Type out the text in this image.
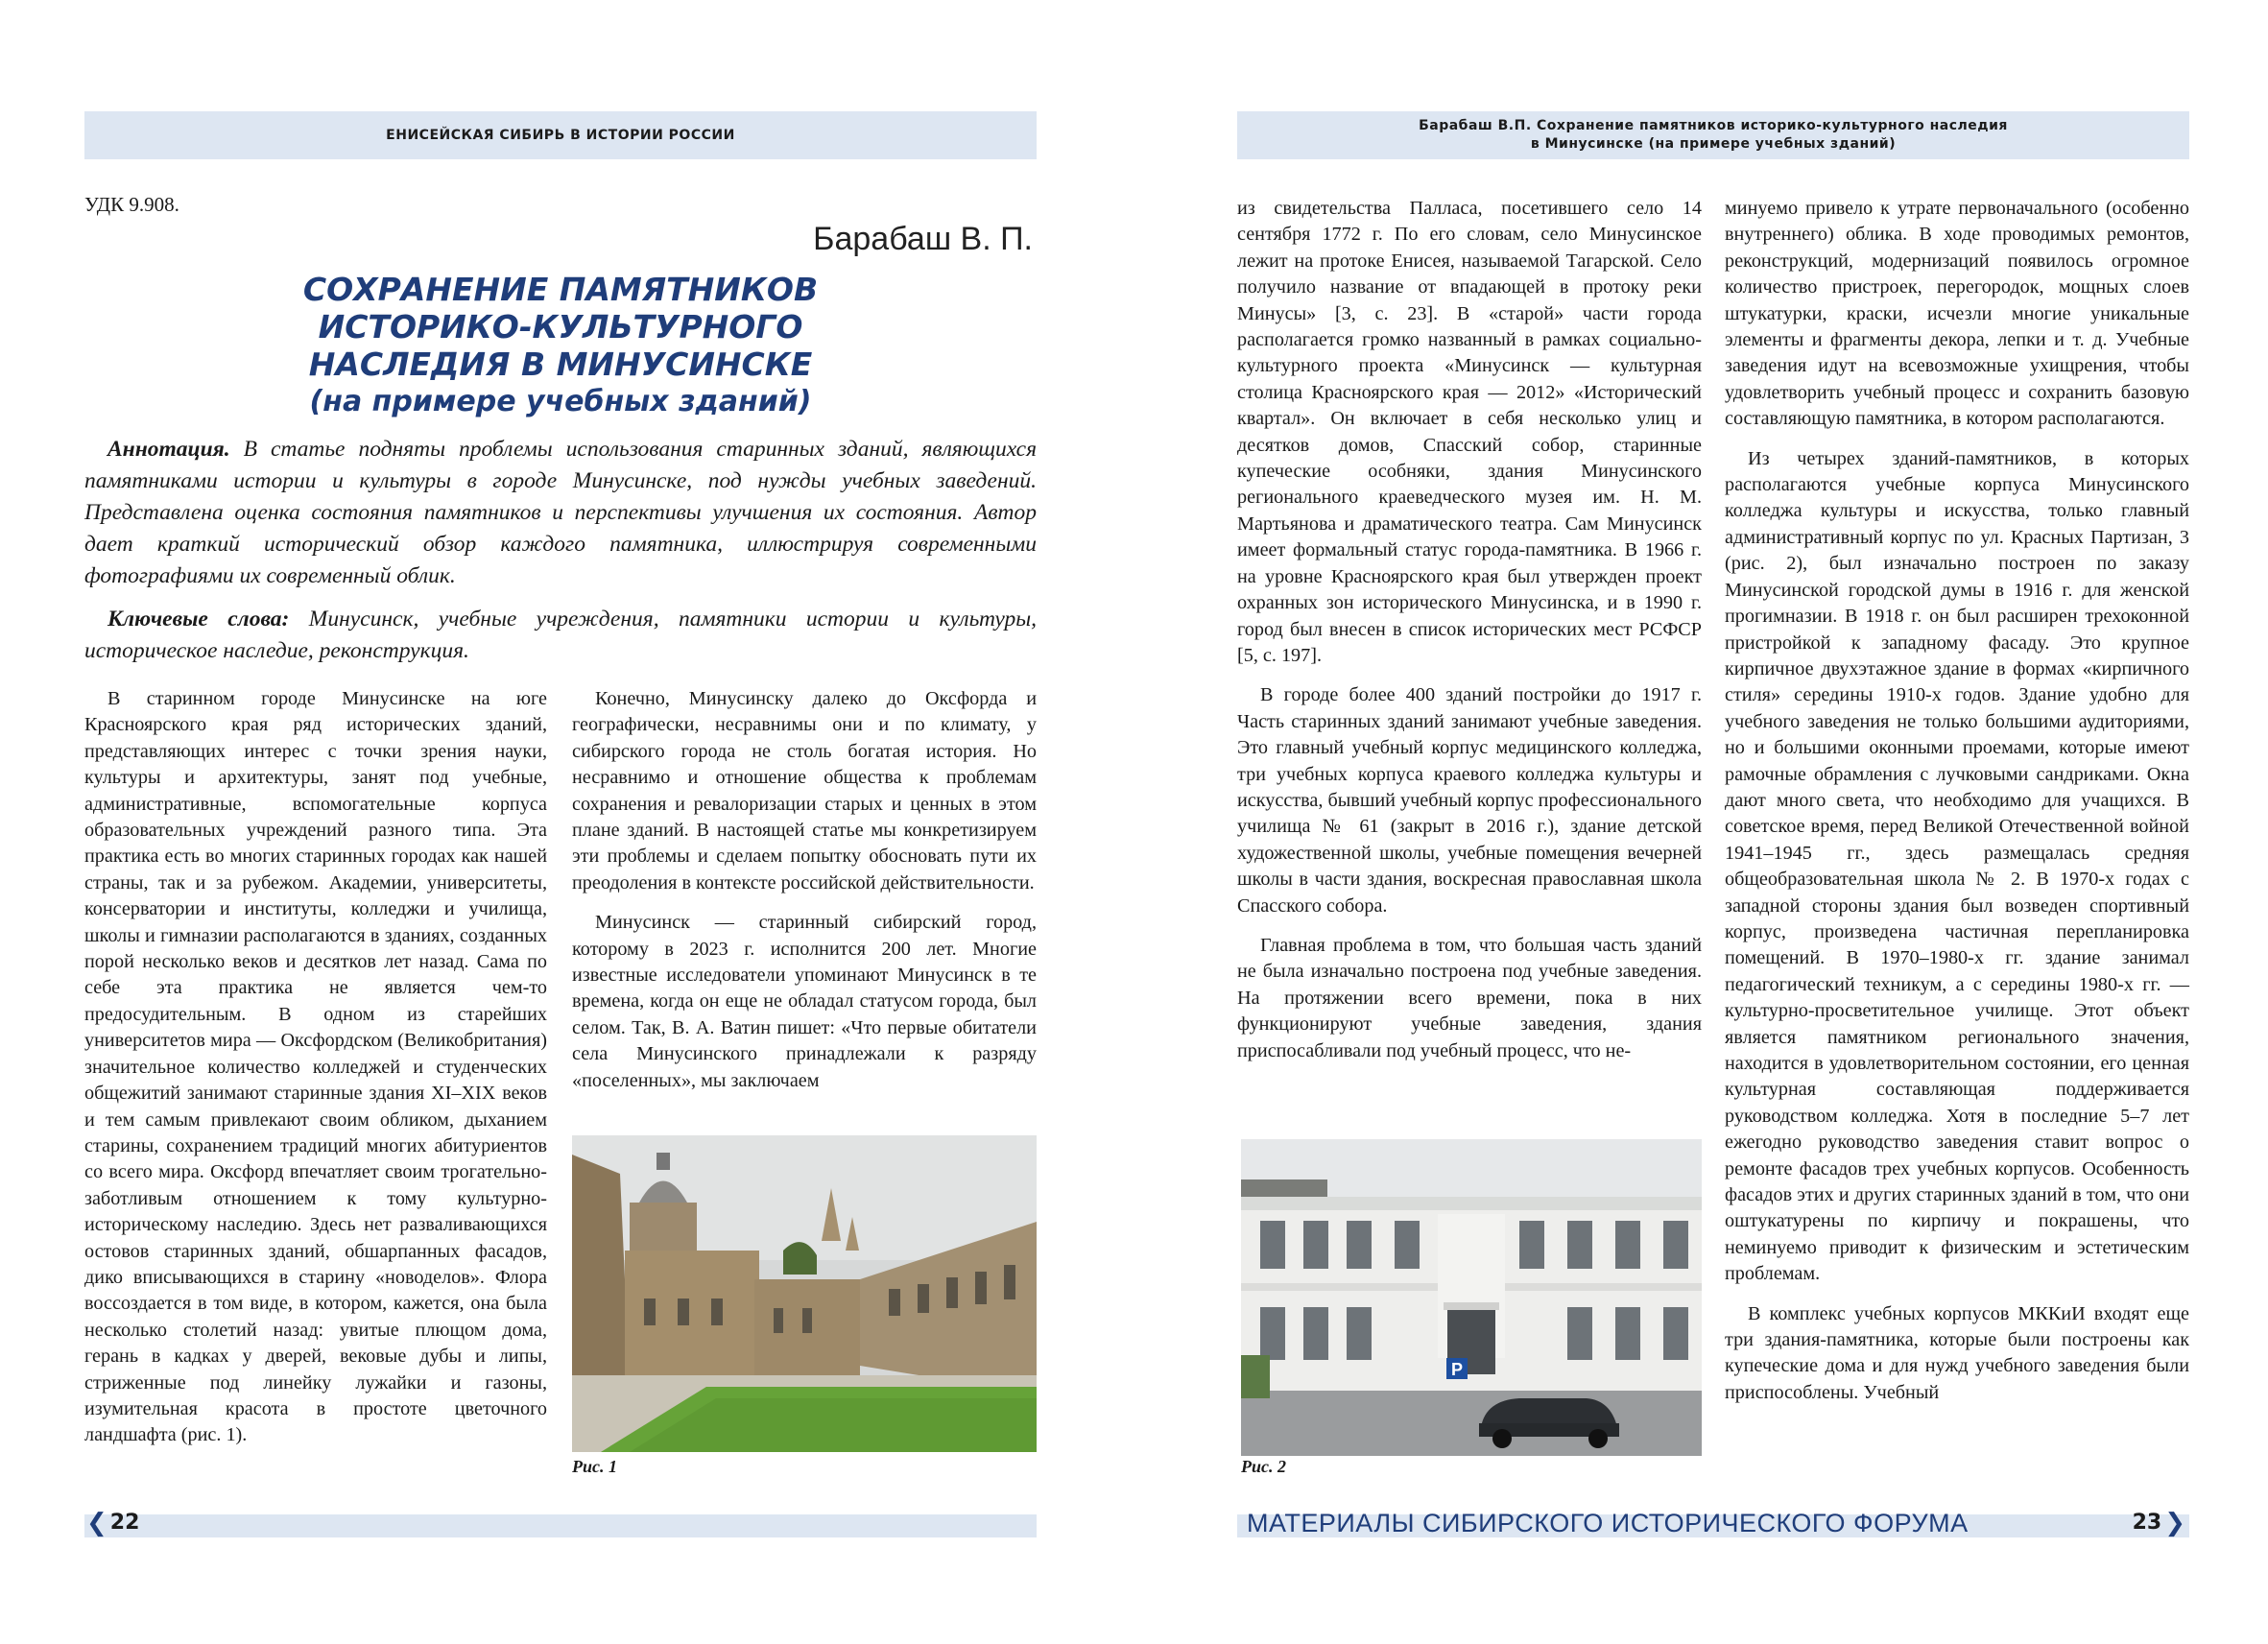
ЕНИСЕЙСКАЯ СИБИРЬ В ИСТОРИИ РОССИИ
УДК 9.908.
Барабаш В. П.
СОХРАНЕНИЕ ПАМЯТНИКОВ
ИСТОРИКО-КУЛЬТУРНОГО
НАСЛЕДИЯ В МИНУСИНСКЕ
(на примере учебных зданий)

Аннотация. В статье подняты проблемы использования старинных зданий, являющихся памятниками истории и культуры в городе Минусинске, под нужды учебных заведений. Представлена оценка состояния памятников и перспективы улучшения их состояния. Автор дает краткий исторический обзор каждого памятника, иллюстрируя современными фотографиями их современный облик.

Ключевые слова: Минусинск, учебные учреждения, памятники истории и культуры, историческое наследие, реконструкция.

В старинном городе Минусинске на юге Красноярского края ряд исторических зданий, представляющих интерес с точки зрения науки, культуры и архитектуры, занят под учебные, административные, вспомогательные корпуса образовательных учреждений разного типа. Эта практика есть во многих старинных городах как нашей страны, так и за рубежом. Академии, университеты, консерватории и институты, колледжи и училища, школы и гимназии располагаются в зданиях, созданных порой несколько веков и десятков лет назад. Сама по себе эта практика не является чем-то предосудительным. В одном из старейших университетов мира — Оксфордском (Великобритания) значительное количество колледжей и студенческих общежитий занимают старинные здания XI–XIX веков и тем самым привлекают своим обликом, дыханием старины, сохранением традиций многих абитуриентов со всего мира. Оксфорд впечатляет своим трогательно-заботливым отношением к тому культурно-историческому наследию. Здесь нет разваливающихся остовов старинных зданий, обшарпанных фасадов, дико вписывающихся в старину «новоделов». Флора воссоздается в том виде, в котором, кажется, она была несколько столетий назад: увитые плющом дома, герань в кадках у дверей, вековые дубы и липы, стриженные под линейку лужайки и газоны, изумительная красота в простоте цветочного ландшафта (рис. 1).

Конечно, Минусинску далеко до Оксфорда и географически, несравнимы они и по климату, у сибирского города не столь богатая история. Но несравнимо и отношение общества к проблемам сохранения и ревалоризации старых и ценных в этом плане зданий. В настоящей статье мы конкретизируем эти проблемы и сделаем попытку обосновать пути их преодоления в контексте российской действительности.

Минусинск — старинный сибирский город, которому в 2023 г. исполнится 200 лет. Многие известные исследователи упоминают Минусинск в те времена, когда он еще не обладал статусом города, был селом. Так, В. А. Ватин пишет: «Что первые обитатели села Минусинского принадлежали к разряду «поселенных», мы заключаем

Рис. 1
❮ 22
Барабаш В.П. Сохранение памятников историко-культурного наследия
в Минусинске (на примере учебных зданий)

из свидетельства Палласа, посетившего село 14 сентября 1772 г. По его словам, село Минусинское лежит на протоке Енисея, называемой Тагарской. Село получило название от впадающей в протоку реки Минусы» [3, с. 23]. В «старой» части города располагается громко названный в рамках социально-культурного проекта «Минусинск — культурная столица Красноярского края — 2012» «Исторический квартал». Он включает в себя несколько улиц и десятков домов, Спасский собор, старинные купеческие особняки, здания Минусинского регионального краеведческого музея им. Н. М. Мартьянова и драматического театра. Сам Минусинск имеет формальный статус города-памятника. В 1966 г. на уровне Красноярского края был утвержден проект охранных зон исторического Минусинска, и в 1990 г. город был внесен в список исторических мест РСФСР [5, с. 197].

В городе более 400 зданий постройки до 1917 г. Часть старинных зданий занимают учебные заведения. Это главный учебный корпус медицинского колледжа, три учебных корпуса краевого колледжа культуры и искусства, бывший учебный корпус профессионального училища № 61 (закрыт в 2016 г.), здание детской художественной школы, учебные помещения вечерней школы в части здания, воскресная православная школа Спасского собора.

Главная проблема в том, что большая часть зданий не была изначально построена под учебные заведения. На протяжении всего времени, пока в них функционируют учебные заведения, здания приспосабливали под учебный процесс, что не-

минуемо привело к утрате первоначального (особенно внутреннего) облика. В ходе проводимых ремонтов, реконструкций, модернизаций появилось огромное количество пристроек, перегородок, мощных слоев штукатурки, краски, исчезли многие уникальные элементы и фрагменты декора, лепки и т. д. Учебные заведения идут на всевозможные ухищрения, чтобы удовлетворить учебный процесс и сохранить базовую составляющую памятника, в котором располагаются.

Из четырех зданий-памятников, в которых располагаются учебные корпуса Минусинского колледжа культуры и искусства, только главный административный корпус по ул. Красных Партизан, 3 (рис. 2), был изначально построен по заказу Минусинской городской думы в 1916 г. для женской прогимназии. В 1918 г. он был расширен трехоконной пристройкой к западному фасаду. Это крупное кирпичное двухэтажное здание в формах «кирпичного стиля» середины 1910-х годов. Здание удобно для учебного заведения не только большими аудиториями, но и большими оконными проемами, которые имеют рамочные обрамления с лучковыми сандриками. Окна дают много света, что необходимо для учащихся. В советское время, перед Великой Отечественной войной 1941–1945 гг., здесь размещалась средняя общеобразовательная школа № 2. В 1970-х годах с западной стороны здания был возведен спортивный корпус, произведена частичная перепланировка помещений. В 1970–1980-х гг. здание занимал педагогический техникум, а с середины 1980-х гг. — культурно-просветительное училище. Этот объект является памятником регионального значения, находится в удовлетворительном состоянии, его ценная культурная составляющая поддерживается руководством колледжа. Хотя в последние 5–7 лет ежегодно руководство заведения ставит вопрос о ремонте фасадов трех учебных корпусов. Особенность фасадов этих и других старинных зданий в том, что они оштукатурены по кирпичу и покрашены, что неминуемо приводит к физическим и эстетическим проблемам.

В комплекс учебных корпусов МККиИ входят еще три здания-памятника, которые были построены как купеческие дома и для нужд учебного заведения были приспособлены. Учебный

P
Рис. 2
МАТЕРИАЛЫ СИБИРСКОГО ИСТОРИЧЕСКОГО ФОРУМА	23 ❯
